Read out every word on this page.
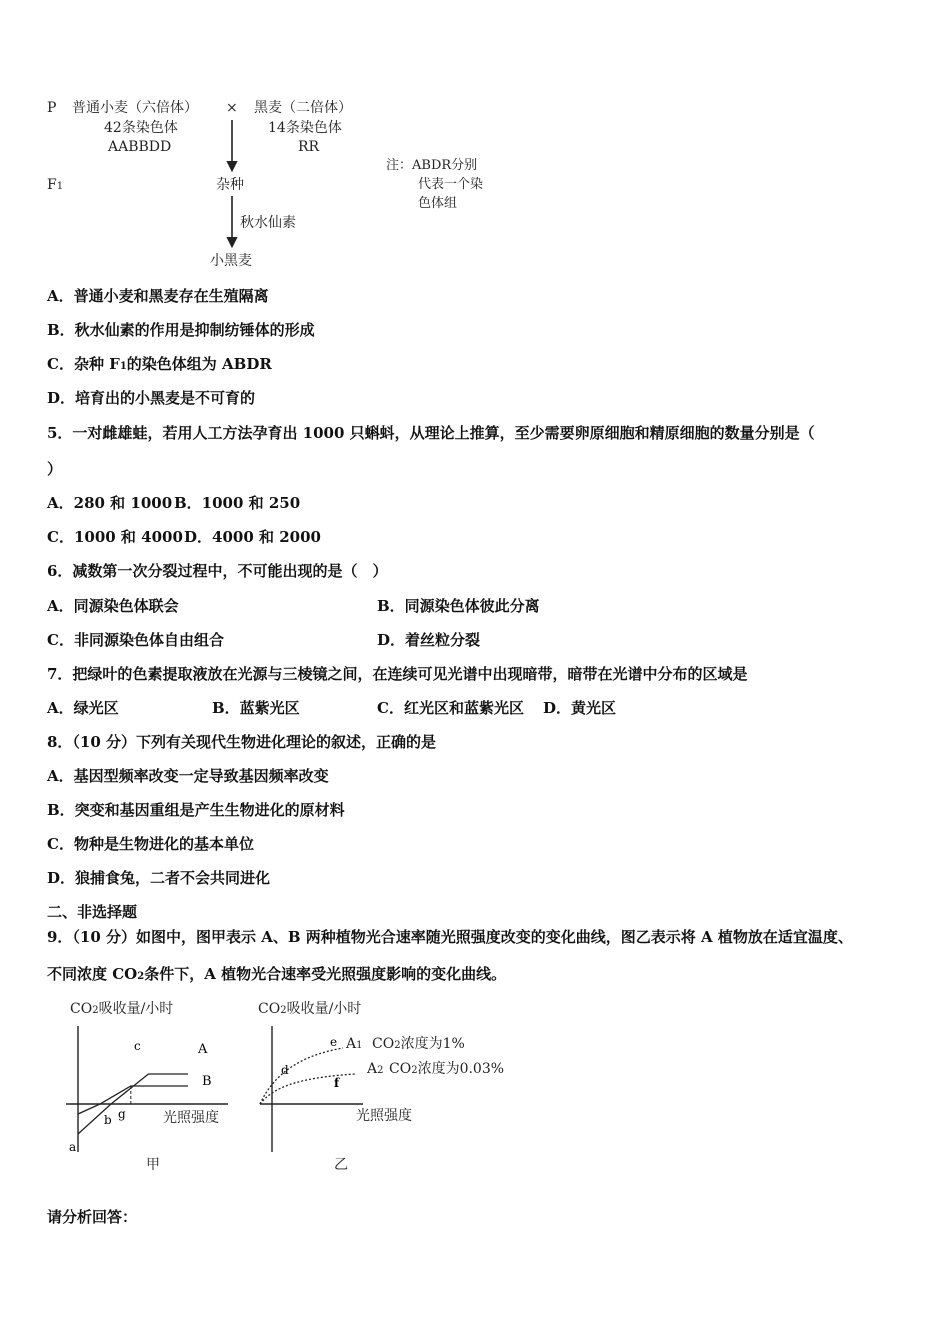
P 普通小麦（六倍体） × 黑麦（二倍体）
42条染色体
AABBDD
14条染色体
RR
F1	杂种
秋水仙素
小黑麦
注：ABDR分别
代表一个染
色体组
A．普通小麦和黑麦存在生殖隔离
B．秋水仙素的作用是抑制纺锤体的形成
C．杂种 F1的染色体组为 ABDR
D．培育出的小黑麦是不可育的
5．一对雌雄蛙，若用人工方法孕育出 1000 只蝌蚪，从理论上推算，至少需要卵原细胞和精原细胞的数量分别是（
）
A．280 和 1000 B．1000 和 250
C．1000 和 4000 D．4000 和 2000
6．减数第一次分裂过程中，不可能出现的是（　）
A．同源染色体联会	B．同源染色体彼此分离
C．非同源染色体自由组合	D．着丝粒分裂
7．把绿叶的色素提取液放在光源与三棱镜之间，在连续可见光谱中出现暗带，暗带在光谱中分布的区域是
A．绿光区	B．蓝紫光区	C．红光区和蓝紫光区 D．黄光区
8．（10 分）下列有关现代生物进化理论的叙述，正确的是
A．基因型频率改变一定导致基因频率改变
B．突变和基因重组是产生生物进化的原材料
C．物种是生物进化的基本单位
D．狼捕食兔，二者不会共同进化
二、非选择题
9．（10 分）如图中，图甲表示 A、B 两种植物光合速率随光照强度改变的变化曲线，图乙表示将 A 植物放在适宜温度、
不同浓度 CO2条件下，A 植物光合速率受光照强度影响的变化曲线。
CO2吸收量/小时
光照强度
甲
a
b
c
g
A
B
CO2吸收量/小时
光照强度
乙
A1 CO2浓度为1%
A2 CO2浓度为0.03%
d
e
f
请分析回答：
